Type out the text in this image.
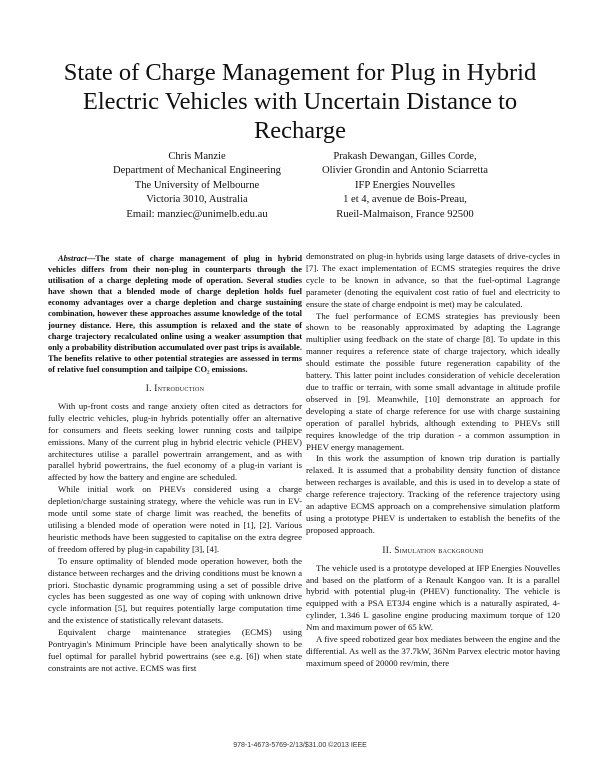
State of Charge Management for Plug in Hybrid Electric Vehicles with Uncertain Distance to Recharge
Chris Manzie
Department of Mechanical Engineering
The University of Melbourne
Victoria 3010, Australia
Email: manziec@unimelb.edu.au
Prakash Dewangan, Gilles Corde,
Olivier Grondin and Antonio Sciarretta
IFP Energies Nouvelles
1 et 4, avenue de Bois-Preau,
Rueil-Malmaison, France 92500

Abstract—The state of charge management of plug in hybrid vehicles differs from their non-plug in counterparts through the utilisation of a charge depleting mode of operation. Several studies have shown that a blended mode of charge depletion holds fuel economy advantages over a charge depletion and charge sustaining combination, however these approaches assume knowledge of the total journey distance. Here, this assumption is relaxed and the state of charge trajectory recalculated online using a weaker assumption that only a probability distribution accumulated over past trips is available. The benefits relative to other potential strategies are assessed in terms of relative fuel consumption and tailpipe CO₂ emissions.

I. Introduction

With up-front costs and range anxiety often cited as detractors for fully electric vehicles, plug-in hybrids potentially offer an alternative for consumers and fleets seeking lower running costs and tailpipe emissions. Many of the current plug in hybrid electric vehicle (PHEV) architectures utilise a parallel powertrain arrangement, and as with parallel hybrid powertrains, the fuel economy of a plug-in variant is affected by how the battery and engine are scheduled.

While initial work on PHEVs considered using a charge depletion/charge sustaining strategy, where the vehicle was run in EV-mode until some state of charge limit was reached, the benefits of utilising a blended mode of operation were noted in [1], [2]. Various heuristic methods have been suggested to capitalise on the extra degree of freedom offered by plug-in capability [3], [4].

To ensure optimality of blended mode operation however, both the distance between recharges and the driving conditions must be known a priori. Stochastic dynamic programming using a set of possible drive cycles has been suggested as one way of coping with unknown drive cycle information [5], but requires potentially large computation time and the existence of statistically relevant datasets.

Equivalent charge maintenance strategies (ECMS) using Pontryagin's Minimum Principle have been analytically shown to be fuel optimal for parallel hybrid powertrains (see e.g. [6]) when state constraints are not active. ECMS was first

demonstrated on plug-in hybrids using large datasets of drive-cycles in [7]. The exact implementation of ECMS strategies requires the drive cycle to be known in advance, so that the fuel-optimal Lagrange parameter (denoting the equivalent cost ratio of fuel and electricity to ensure the state of charge endpoint is met) may be calculated.

The fuel performance of ECMS strategies has previously been shown to be reasonably approximated by adapting the Lagrange multiplier using feedback on the state of charge [8]. To update in this manner requires a reference state of charge trajectory, which ideally should estimate the possible future regeneration capability of the battery. This latter point includes consideration of vehicle deceleration due to traffic or terrain, with some small advantage in altitude profile observed in [9]. Meanwhile, [10] demonstrate an approach for developing a state of charge reference for use with charge sustaining operation of parallel hybrids, although extending to PHEVs still requires knowledge of the trip duration - a common assumption in PHEV energy management.

In this work the assumption of known trip duration is partially relaxed. It is assumed that a probability density function of distance between recharges is available, and this is used in to develop a state of charge reference trajectory. Tracking of the reference trajectory using an adaptive ECMS approach on a comprehensive simulation platform using a prototype PHEV is undertaken to establish the benefits of the proposed approach.

II. Simulation background

The vehicle used is a prototype developed at IFP Energies Nouvelles and based on the platform of a Renault Kangoo van. It is a parallel hybrid with potential plug-in (PHEV) functionality. The vehicle is equipped with a PSA ET3J4 engine which is a naturally aspirated, 4-cylinder, 1.346 L gasoline engine producing maximum torque of 120 Nm and maximum power of 65 kW.

A five speed robotized gear box mediates between the engine and the differential. As well as the 37.7kW, 36Nm Parvex electric motor having maximum speed of 20000 rev/min, there

978-1-4673-5769-2/13/$31.00 ©2013 IEEE
